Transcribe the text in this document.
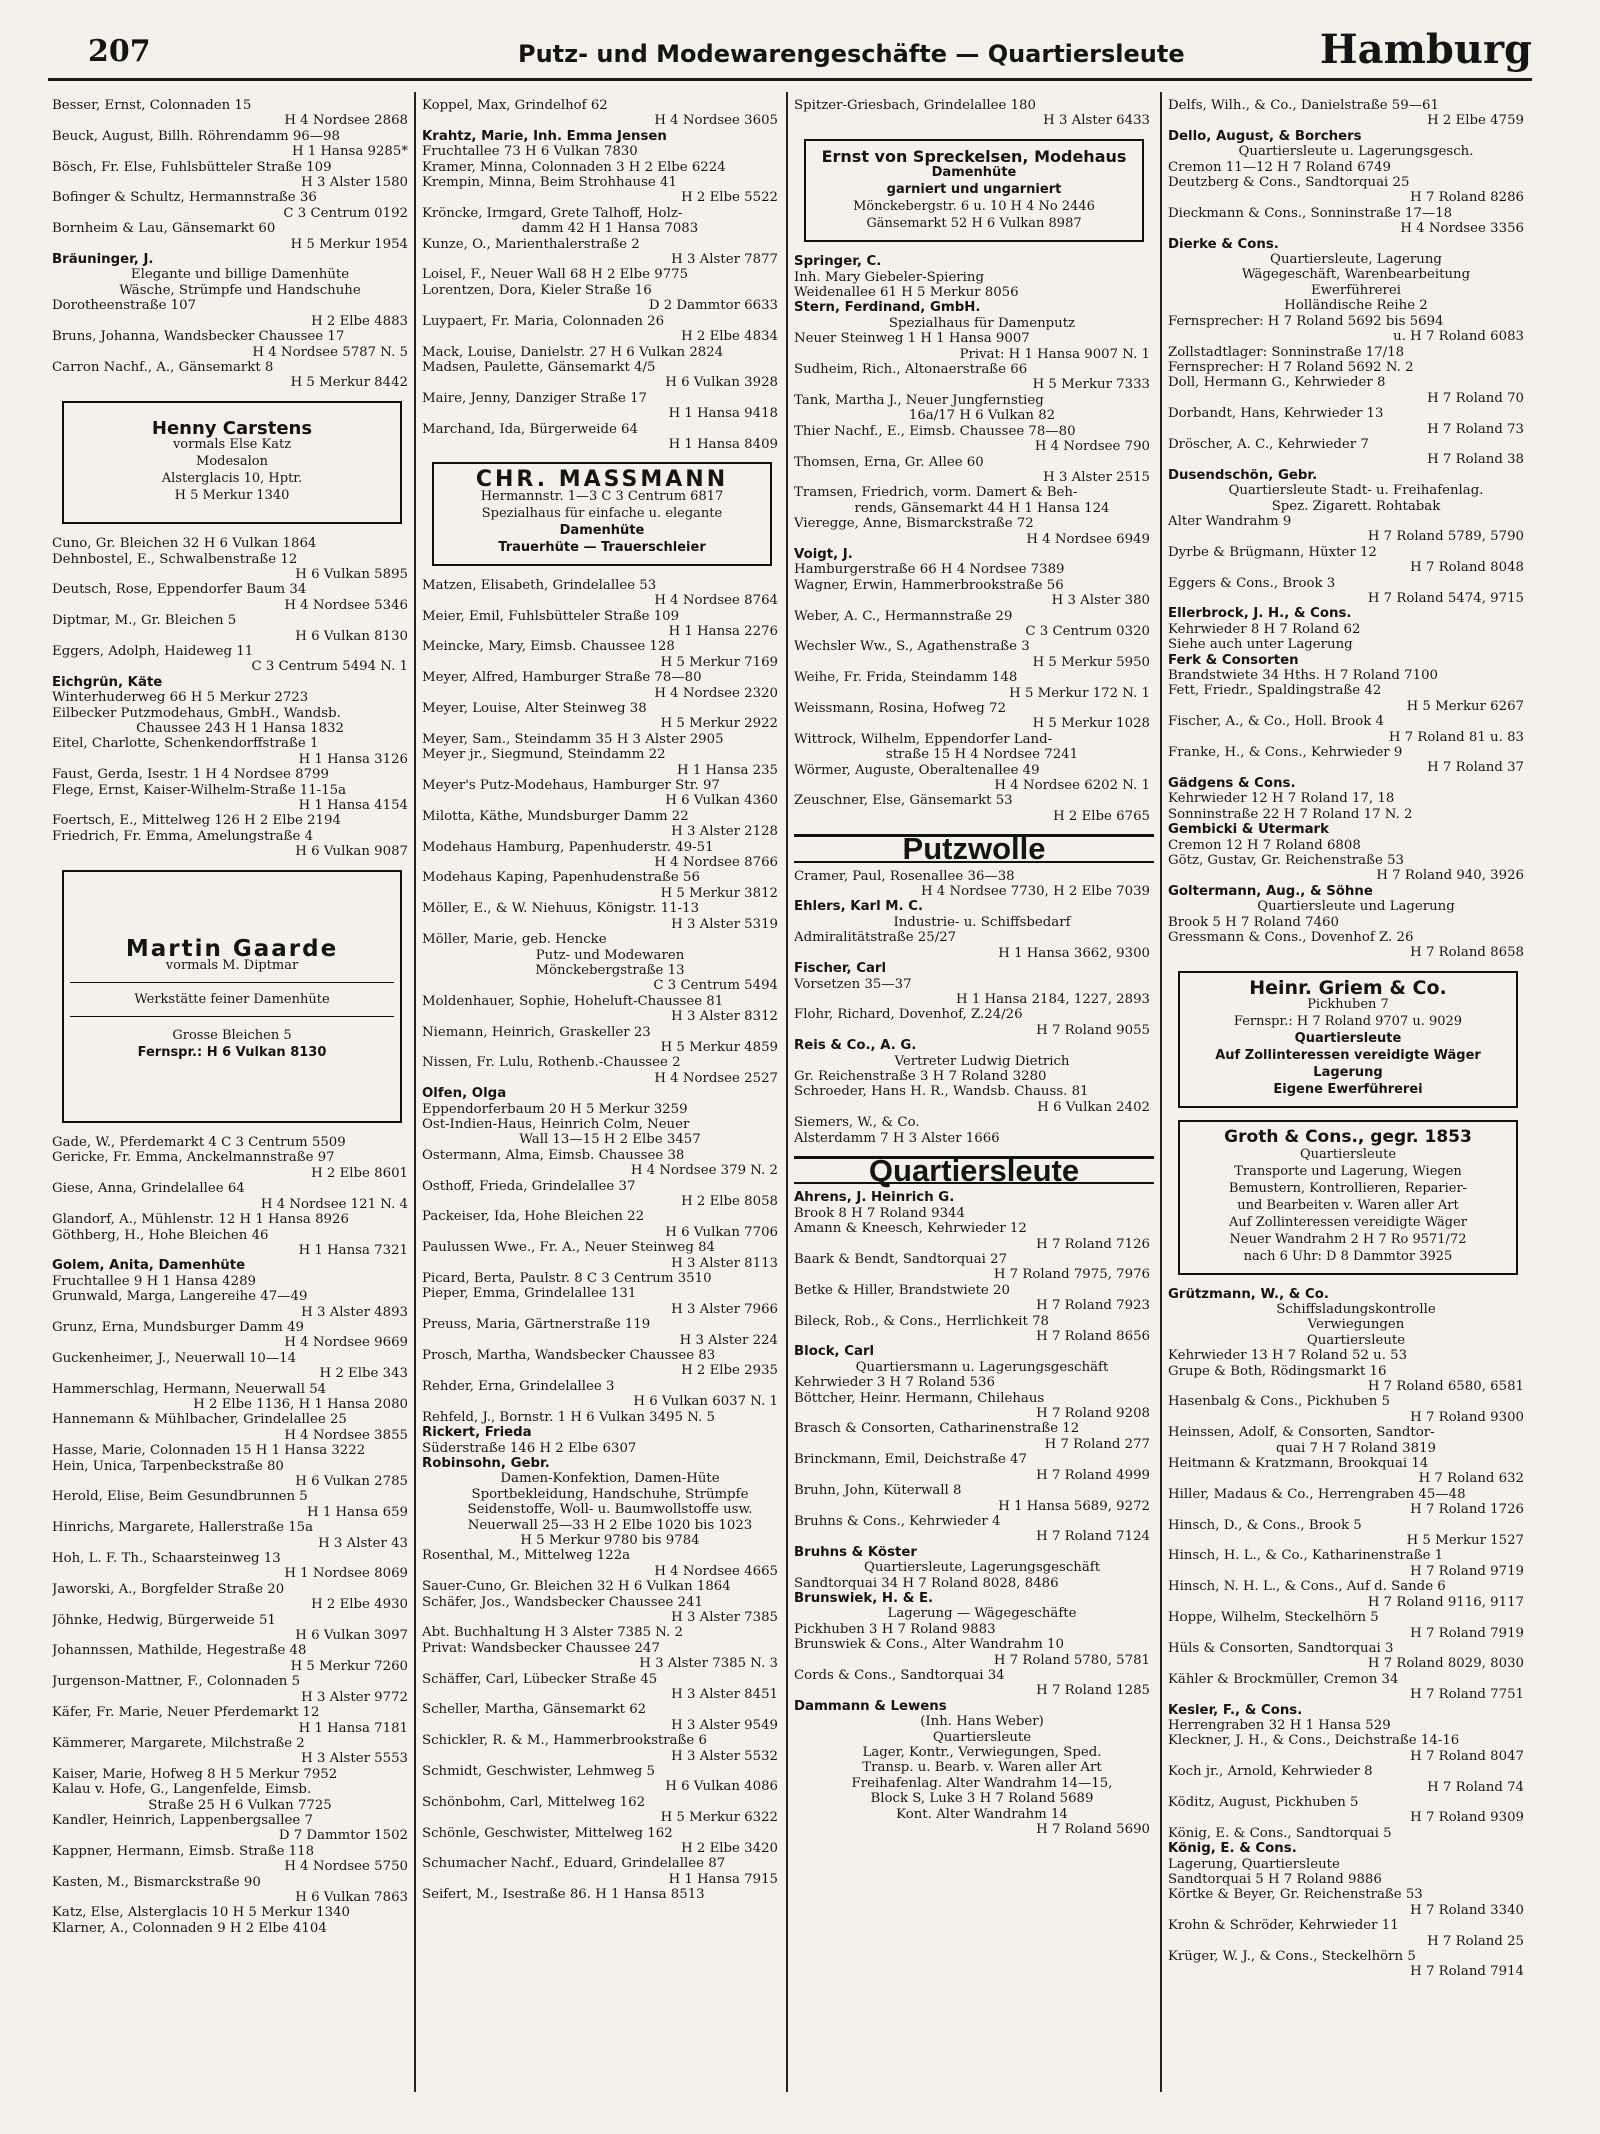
207	Putz- und Modewarengeschäfte — Quartiersleute	Hamburg
Besser, Ernst, Colonnaden 15
H 4 Nordsee 2868
Beuck, August, Billh. Röhrendamm 96—98
H 1 Hansa 9285*
Bösch, Fr. Else, Fuhlsbütteler Straße 109
H 3 Alster 1580
Bofinger & Schultz, Hermannstraße 36
C 3 Centrum 0192
Bornheim & Lau, Gänsemarkt 60
H 5 Merkur 1954
Bräuninger, J.
Elegante und billige Damenhüte
Wäsche, Strümpfe und Handschuhe
Dorotheenstraße 107
H 2 Elbe 4883
Bruns, Johanna, Wandsbecker Chaussee 17
H 4 Nordsee 5787 N. 5
Carron Nachf., A., Gänsemarkt 8
H 5 Merkur 8442
Henny Carstens
vormals Else Katz
Modesalon
Alsterglacis 10, Hptr.
H 5 Merkur 1340
Cuno, Gr. Bleichen 32 H 6 Vulkan 1864
Dehnbostel, E., Schwalbenstraße 12
H 6 Vulkan 5895
Deutsch, Rose, Eppendorfer Baum 34
H 4 Nordsee 5346
Diptmar, M., Gr. Bleichen 5
H 6 Vulkan 8130
Eggers, Adolph, Haideweg 11
C 3 Centrum 5494 N. 1
Eichgrün, Käte
Winterhuderweg 66 H 5 Merkur 2723
Eilbecker Putzmodehaus, GmbH., Wandsb.
Chaussee 243 H 1 Hansa 1832
Eitel, Charlotte, Schenkendorffstraße 1
H 1 Hansa 3126
Faust, Gerda, Isestr. 1 H 4 Nordsee 8799
Flege, Ernst, Kaiser-Wilhelm-Straße 11-15a
H 1 Hansa 4154
Foertsch, E., Mittelweg 126 H 2 Elbe 2194
Friedrich, Fr. Emma, Amelungstraße 4
H 6 Vulkan 9087
Martin Gaarde
vormals M. Diptmar
Werkstätte feiner Damenhüte
Grosse Bleichen 5
Fernspr.: H 6 Vulkan 8130
Gade, W., Pferdemarkt 4 C 3 Centrum 5509
Gericke, Fr. Emma, Anckelmannstraße 97
H 2 Elbe 8601
Giese, Anna, Grindelallee 64
H 4 Nordsee 121 N. 4
Glandorf, A., Mühlenstr. 12 H 1 Hansa 8926
Göthberg, H., Hohe Bleichen 46
H 1 Hansa 7321
Golem, Anita, Damenhüte
Fruchtallee 9 H 1 Hansa 4289
Grunwald, Marga, Langereihe 47—49
H 3 Alster 4893
Grunz, Erna, Mundsburger Damm 49
H 4 Nordsee 9669
Guckenheimer, J., Neuerwall 10—14
H 2 Elbe 343
Hammerschlag, Hermann, Neuerwall 54
H 2 Elbe 1136, H 1 Hansa 2080
Hannemann & Mühlbacher, Grindelallee 25
H 4 Nordsee 3855
Hasse, Marie, Colonnaden 15 H 1 Hansa 3222
Hein, Unica, Tarpenbeckstraße 80
H 6 Vulkan 2785
Herold, Elise, Beim Gesundbrunnen 5
H 1 Hansa 659
Hinrichs, Margarete, Hallerstraße 15a
H 3 Alster 43
Hoh, L. F. Th., Schaarsteinweg 13
H 1 Nordsee 8069
Jaworski, A., Borgfelder Straße 20
H 2 Elbe 4930
Jöhnke, Hedwig, Bürgerweide 51
H 6 Vulkan 3097
Johannssen, Mathilde, Hegestraße 48
H 5 Merkur 7260
Jurgenson-Mattner, F., Colonnaden 5
H 3 Alster 9772
Käfer, Fr. Marie, Neuer Pferdemarkt 12
H 1 Hansa 7181
Kämmerer, Margarete, Milchstraße 2
H 3 Alster 5553
Kaiser, Marie, Hofweg 8 H 5 Merkur 7952
Kalau v. Hofe, G., Langenfelde, Eimsb.
Straße 25 H 6 Vulkan 7725
Kandler, Heinrich, Lappenbergsallee 7
D 7 Dammtor 1502
Kappner, Hermann, Eimsb. Straße 118
H 4 Nordsee 5750
Kasten, M., Bismarckstraße 90
H 6 Vulkan 7863
Katz, Else, Alsterglacis 10 H 5 Merkur 1340
Klarner, A., Colonnaden 9 H 2 Elbe 4104
Koppel, Max, Grindelhof 62
H 4 Nordsee 3605
Krahtz, Marie, Inh. Emma Jensen
Fruchtallee 73 H 6 Vulkan 7830
Kramer, Minna, Colonnaden 3 H 2 Elbe 6224
Krempin, Minna, Beim Strohhause 41
H 2 Elbe 5522
Kröncke, Irmgard, Grete Talhoff, Holz-
damm 42 H 1 Hansa 7083
Kunze, O., Marienthalerstraße 2
H 3 Alster 7877
Loisel, F., Neuer Wall 68 H 2 Elbe 9775
Lorentzen, Dora, Kieler Straße 16
D 2 Dammtor 6633
Luypaert, Fr. Maria, Colonnaden 26
H 2 Elbe 4834
Mack, Louise, Danielstr. 27 H 6 Vulkan 2824
Madsen, Paulette, Gänsemarkt 4/5
H 6 Vulkan 3928
Maire, Jenny, Danziger Straße 17
H 1 Hansa 9418
Marchand, Ida, Bürgerweide 64
H 1 Hansa 8409
CHR. MASSMANN
Hermannstr. 1—3 C 3 Centrum 6817
Spezialhaus für einfache u. elegante
Damenhüte
Trauerhüte — Trauerschleier
Matzen, Elisabeth, Grindelallee 53
H 4 Nordsee 8764
Meier, Emil, Fuhlsbütteler Straße 109
H 1 Hansa 2276
Meincke, Mary, Eimsb. Chaussee 128
H 5 Merkur 7169
Meyer, Alfred, Hamburger Straße 78—80
H 4 Nordsee 2320
Meyer, Louise, Alter Steinweg 38
H 5 Merkur 2922
Meyer, Sam., Steindamm 35 H 3 Alster 2905
Meyer jr., Siegmund, Steindamm 22
H 1 Hansa 235
Meyer's Putz-Modehaus, Hamburger Str. 97
H 6 Vulkan 4360
Milotta, Käthe, Mundsburger Damm 22
H 3 Alster 2128
Modehaus Hamburg, Papenhuderstr. 49-51
H 4 Nordsee 8766
Modehaus Kaping, Papenhudenstraße 56
H 5 Merkur 3812
Möller, E., & W. Niehuus, Königstr. 11-13
H 3 Alster 5319
Möller, Marie, geb. Hencke
Putz- und Modewaren
Mönckebergstraße 13
C 3 Centrum 5494
Moldenhauer, Sophie, Hoheluft-Chaussee 81
H 3 Alster 8312
Niemann, Heinrich, Graskeller 23
H 5 Merkur 4859
Nissen, Fr. Lulu, Rothenb.-Chaussee 2
H 4 Nordsee 2527
Olfen, Olga
Eppendorferbaum 20 H 5 Merkur 3259
Ost-Indien-Haus, Heinrich Colm, Neuer
Wall 13—15 H 2 Elbe 3457
Ostermann, Alma, Eimsb. Chaussee 38
H 4 Nordsee 379 N. 2
Osthoff, Frieda, Grindelallee 37
H 2 Elbe 8058
Packeiser, Ida, Hohe Bleichen 22
H 6 Vulkan 7706
Paulussen Wwe., Fr. A., Neuer Steinweg 84
H 3 Alster 8113
Picard, Berta, Paulstr. 8 C 3 Centrum 3510
Pieper, Emma, Grindelallee 131
H 3 Alster 7966
Preuss, Maria, Gärtnerstraße 119
H 3 Alster 224
Prosch, Martha, Wandsbecker Chaussee 83
H 2 Elbe 2935
Rehder, Erna, Grindelallee 3
H 6 Vulkan 6037 N. 1
Rehfeld, J., Bornstr. 1 H 6 Vulkan 3495 N. 5
Rickert, Frieda
Süderstraße 146 H 2 Elbe 6307
Robinsohn, Gebr.
Damen-Konfektion, Damen-Hüte
Sportbekleidung, Handschuhe, Strümpfe
Seidenstoffe, Woll- u. Baumwollstoffe usw.
Neuerwall 25—33 H 2 Elbe 1020 bis 1023
H 5 Merkur 9780 bis 9784
Rosenthal, M., Mittelweg 122a
H 4 Nordsee 4665
Sauer-Cuno, Gr. Bleichen 32 H 6 Vulkan 1864
Schäfer, Jos., Wandsbecker Chaussee 241
H 3 Alster 7385
Abt. Buchhaltung H 3 Alster 7385 N. 2
Privat: Wandsbecker Chaussee 247
H 3 Alster 7385 N. 3
Schäffer, Carl, Lübecker Straße 45
H 3 Alster 8451
Scheller, Martha, Gänsemarkt 62
H 3 Alster 9549
Schickler, R. & M., Hammerbrookstraße 6
H 3 Alster 5532
Schmidt, Geschwister, Lehmweg 5
H 6 Vulkan 4086
Schönbohm, Carl, Mittelweg 162
H 5 Merkur 6322
Schönle, Geschwister, Mittelweg 162
H 2 Elbe 3420
Schumacher Nachf., Eduard, Grindelallee 87
H 1 Hansa 7915
Seifert, M., Isestraße 86. H 1 Hansa 8513
Spitzer-Griesbach, Grindelallee 180
H 3 Alster 6433
Ernst von Spreckelsen, Modehaus
Damenhüte
garniert und ungarniert
Mönckebergstr. 6 u. 10 H 4 No 2446
Gänsemarkt 52 H 6 Vulkan 8987
Springer, C.
Inh. Mary Giebeler-Spiering
Weidenallee 61 H 5 Merkur 8056
Stern, Ferdinand, GmbH.
Spezialhaus für Damenputz
Neuer Steinweg 1 H 1 Hansa 9007
Privat: H 1 Hansa 9007 N. 1
Sudheim, Rich., Altonaerstraße 66
H 5 Merkur 7333
Tank, Martha J., Neuer Jungfernstieg
16a/17 H 6 Vulkan 82
Thier Nachf., E., Eimsb. Chaussee 78—80
H 4 Nordsee 790
Thomsen, Erna, Gr. Allee 60
H 3 Alster 2515
Tramsen, Friedrich, vorm. Damert & Beh-
rends, Gänsemarkt 44 H 1 Hansa 124
Vieregge, Anne, Bismarckstraße 72
H 4 Nordsee 6949
Voigt, J.
Hamburgerstraße 66 H 4 Nordsee 7389
Wagner, Erwin, Hammerbrookstraße 56
H 3 Alster 380
Weber, A. C., Hermannstraße 29
C 3 Centrum 0320
Wechsler Ww., S., Agathenstraße 3
H 5 Merkur 5950
Weihe, Fr. Frida, Steindamm 148
H 5 Merkur 172 N. 1
Weissmann, Rosina, Hofweg 72
H 5 Merkur 1028
Wittrock, Wilhelm, Eppendorfer Land-
straße 15 H 4 Nordsee 7241
Wörmer, Auguste, Oberaltenallee 49
H 4 Nordsee 6202 N. 1
Zeuschner, Else, Gänsemarkt 53
H 2 Elbe 6765
Putzwolle
Cramer, Paul, Rosenallee 36—38
H 4 Nordsee 7730, H 2 Elbe 7039
Ehlers, Karl M. C.
Industrie- u. Schiffsbedarf
Admiralitätstraße 25/27
H 1 Hansa 3662, 9300
Fischer, Carl
Vorsetzen 35—37
H 1 Hansa 2184, 1227, 2893
Flohr, Richard, Dovenhof, Z.24/26
H 7 Roland 9055
Reis & Co., A. G.
Vertreter Ludwig Dietrich
Gr. Reichenstraße 3 H 7 Roland 3280
Schroeder, Hans H. R., Wandsb. Chauss. 81
H 6 Vulkan 2402
Siemers, W., & Co.
Alsterdamm 7 H 3 Alster 1666
Quartiersleute
Ahrens, J. Heinrich G.
Brook 8 H 7 Roland 9344
Amann & Kneesch, Kehrwieder 12
H 7 Roland 7126
Baark & Bendt, Sandtorquai 27
H 7 Roland 7975, 7976
Betke & Hiller, Brandstwiete 20
H 7 Roland 7923
Bileck, Rob., & Cons., Herrlichkeit 78
H 7 Roland 8656
Block, Carl
Quartiersmann u. Lagerungsgeschäft
Kehrwieder 3 H 7 Roland 536
Böttcher, Heinr. Hermann, Chilehaus
H 7 Roland 9208
Brasch & Consorten, Catharinenstraße 12
H 7 Roland 277
Brinckmann, Emil, Deichstraße 47
H 7 Roland 4999
Bruhn, John, Küterwall 8
H 1 Hansa 5689, 9272
Bruhns & Cons., Kehrwieder 4
H 7 Roland 7124
Bruhns & Köster
Quartiersleute, Lagerungsgeschäft
Sandtorquai 34 H 7 Roland 8028, 8486
Brunswiek, H. & E.
Lagerung — Wägegeschäfte
Pickhuben 3 H 7 Roland 9883
Brunswiek & Cons., Alter Wandrahm 10
H 7 Roland 5780, 5781
Cords & Cons., Sandtorquai 34
H 7 Roland 1285
Dammann & Lewens
(Inh. Hans Weber)
Quartiersleute
Lager, Kontr., Verwiegungen, Sped.
Transp. u. Bearb. v. Waren aller Art
Freihafenlag. Alter Wandrahm 14—15,
Block S, Luke 3 H 7 Roland 5689
Kont. Alter Wandrahm 14
H 7 Roland 5690
Delfs, Wilh., & Co., Danielstraße 59—61
H 2 Elbe 4759
Dello, August, & Borchers
Quartiersleute u. Lagerungsgesch.
Cremon 11—12 H 7 Roland 6749
Deutzberg & Cons., Sandtorquai 25
H 7 Roland 8286
Dieckmann & Cons., Sonninstraße 17—18
H 4 Nordsee 3356
Dierke & Cons.
Quartiersleute, Lagerung
Wägegeschäft, Warenbearbeitung
Ewerführerei
Holländische Reihe 2
Fernsprecher: H 7 Roland 5692 bis 5694
u. H 7 Roland 6083
Zollstadtlager: Sonninstraße 17/18
Fernsprecher: H 7 Roland 5692 N. 2
Doll, Hermann G., Kehrwieder 8
H 7 Roland 70
Dorbandt, Hans, Kehrwieder 13
H 7 Roland 73
Dröscher, A. C., Kehrwieder 7
H 7 Roland 38
Dusendschön, Gebr.
Quartiersleute Stadt- u. Freihafenlag.
Spez. Zigarett. Rohtabak
Alter Wandrahm 9
H 7 Roland 5789, 5790
Dyrbe & Brügmann, Hüxter 12
H 7 Roland 8048
Eggers & Cons., Brook 3
H 7 Roland 5474, 9715
Ellerbrock, J. H., & Cons.
Kehrwieder 8 H 7 Roland 62
Siehe auch unter Lagerung
Ferk & Consorten
Brandstwiete 34 Hths. H 7 Roland 7100
Fett, Friedr., Spaldingstraße 42
H 5 Merkur 6267
Fischer, A., & Co., Holl. Brook 4
H 7 Roland 81 u. 83
Franke, H., & Cons., Kehrwieder 9
H 7 Roland 37
Gädgens & Cons.
Kehrwieder 12 H 7 Roland 17, 18
Sonninstraße 22 H 7 Roland 17 N. 2
Gembicki & Utermark
Cremon 12 H 7 Roland 6808
Götz, Gustav, Gr. Reichenstraße 53
H 7 Roland 940, 3926
Goltermann, Aug., & Söhne
Quartiersleute und Lagerung
Brook 5 H 7 Roland 7460
Gressmann & Cons., Dovenhof Z. 26
H 7 Roland 8658
Heinr. Griem & Co.
Pickhuben 7
Fernspr.: H 7 Roland 9707 u. 9029
Quartiersleute
Auf Zollinteressen vereidigte Wäger
Lagerung
Eigene Ewerführerei
Groth & Cons., gegr. 1853
Quartiersleute
Transporte und Lagerung, Wiegen
Bemustern, Kontrollieren, Reparier-
und Bearbeiten v. Waren aller Art
Auf Zollinteressen vereidigte Wäger
Neuer Wandrahm 2 H 7 Ro 9571/72
nach 6 Uhr: D 8 Dammtor 3925
Grützmann, W., & Co.
Schiffsladungskontrolle
Verwiegungen
Quartiersleute
Kehrwieder 13 H 7 Roland 52 u. 53
Grupe & Both, Rödingsmarkt 16
H 7 Roland 6580, 6581
Hasenbalg & Cons., Pickhuben 5
H 7 Roland 9300
Heinssen, Adolf, & Consorten, Sandtor-
quai 7 H 7 Roland 3819
Heitmann & Kratzmann, Brookquai 14
H 7 Roland 632
Hiller, Madaus & Co., Herrengraben 45—48
H 7 Roland 1726
Hinsch, D., & Cons., Brook 5
H 5 Merkur 1527
Hinsch, H. L., & Co., Katharinenstraße 1
H 7 Roland 9719
Hinsch, N. H. L., & Cons., Auf d. Sande 6
H 7 Roland 9116, 9117
Hoppe, Wilhelm, Steckelhörn 5
H 7 Roland 7919
Hüls & Consorten, Sandtorquai 3
H 7 Roland 8029, 8030
Kähler & Brockmüller, Cremon 34
H 7 Roland 7751
Kesler, F., & Cons.
Herrengraben 32 H 1 Hansa 529
Kleckner, J. H., & Cons., Deichstraße 14-16
H 7 Roland 8047
Koch jr., Arnold, Kehrwieder 8
H 7 Roland 74
Köditz, August, Pickhuben 5
H 7 Roland 9309
König, E. & Cons., Sandtorquai 5
König, E. & Cons.
Lagerung, Quartiersleute
Sandtorquai 5 H 7 Roland 9886
Körtke & Beyer, Gr. Reichenstraße 53
H 7 Roland 3340
Krohn & Schröder, Kehrwieder 11
H 7 Roland 25
Krüger, W. J., & Cons., Steckelhörn 5
H 7 Roland 7914
